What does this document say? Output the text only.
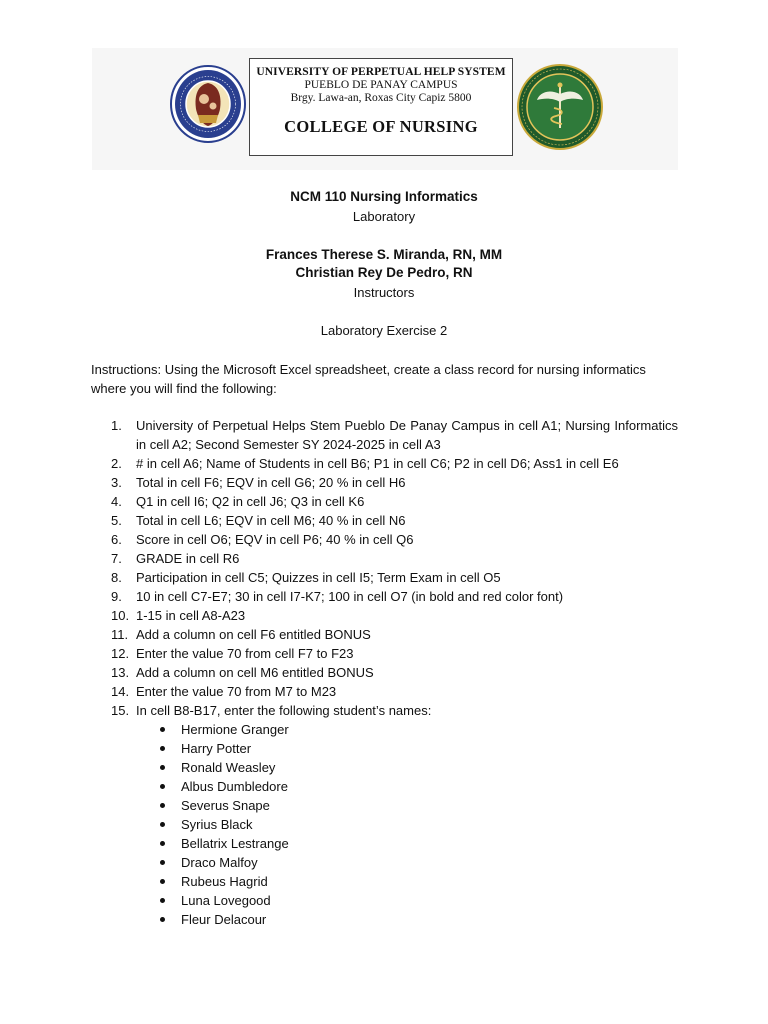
UNIVERSITY OF PERPETUAL HELP SYSTEM
PUEBLO DE PANAY CAMPUS
Brgy. Lawa-an, Roxas City Capiz 5800
COLLEGE OF NURSING
NCM 110 Nursing Informatics
Laboratory
Frances Therese S. Miranda, RN, MM
Christian Rey De Pedro, RN
Instructors
Laboratory Exercise 2
Instructions: Using the Microsoft Excel spreadsheet, create a class record for nursing informatics where you will find the following:
1.	University of Perpetual Helps Stem Pueblo De Panay Campus in cell A1; Nursing Informatics in cell A2; Second Semester SY 2024-2025 in cell A3
2.	# in cell A6; Name of Students in cell B6; P1 in cell C6; P2 in cell D6; Ass1 in cell E6
3.	Total in cell F6; EQV in cell G6; 20 % in cell H6
4.	Q1 in cell I6; Q2 in cell J6; Q3 in cell K6
5.	Total in cell L6; EQV in cell M6; 40 % in cell N6
6.	Score in cell O6; EQV in cell P6; 40 % in cell Q6
7.	GRADE in cell R6
8.	Participation in cell C5; Quizzes in cell I5; Term Exam in cell O5
9.	10 in cell C7-E7; 30 in cell I7-K7; 100 in cell O7 (in bold and red color font)
10. 1-15 in cell A8-A23
11. Add a column on cell F6 entitled BONUS
12. Enter the value 70 from cell F7 to F23
13. Add a column on cell M6 entitled BONUS
14. Enter the value 70 from M7 to M23
15. In cell B8-B17, enter the following student’s names:
Hermione Granger
Harry Potter
Ronald Weasley
Albus Dumbledore
Severus Snape
Syrius Black
Bellatrix Lestrange
Draco Malfoy
Rubeus Hagrid
Luna Lovegood
Fleur Delacour
